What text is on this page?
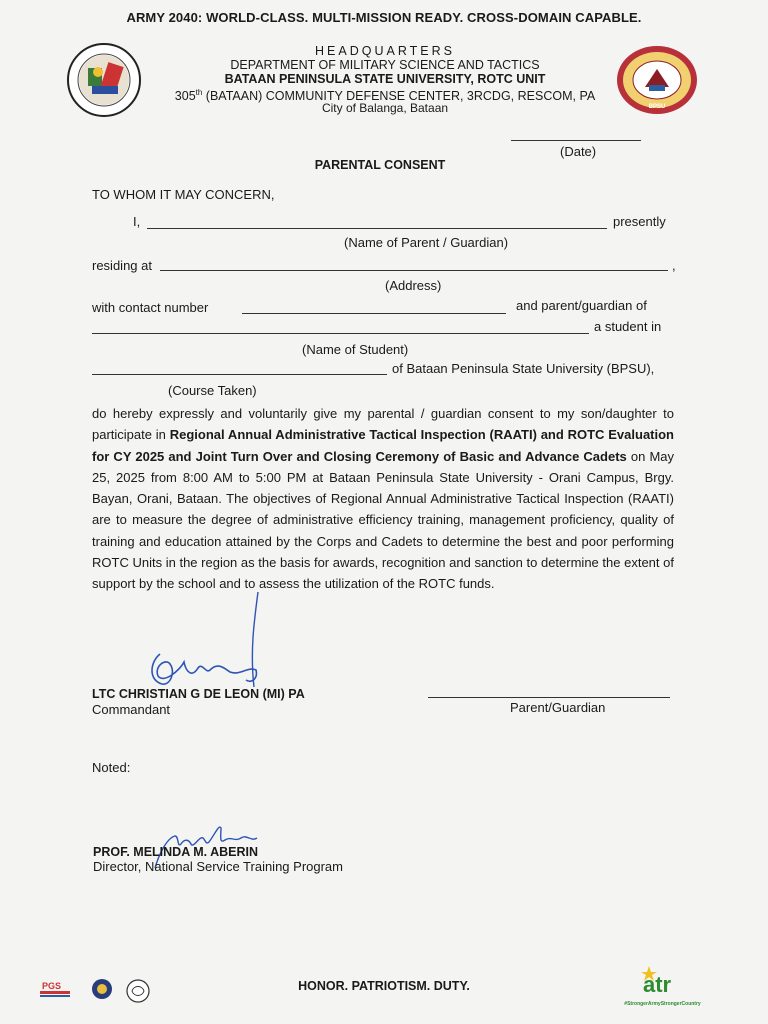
ARMY 2040: WORLD-CLASS. MULTI-MISSION READY. CROSS-DOMAIN CAPABLE.
HEADQUARTERS
DEPARTMENT OF MILITARY SCIENCE AND TACTICS
BATAAN PENINSULA STATE UNIVERSITY, ROTC UNIT
305th (BATAAN) COMMUNITY DEFENSE CENTER, 3RCDG, RESCOM, PA
City of Balanga, Bataan	BPSU
(Date)
PARENTAL CONSENT
TO WHOM IT MAY CONCERN,
I,	presently
(Name of Parent / Guardian)
residing at	,
(Address)
with contact number	and parent/guardian of
a student in
(Name of Student)
of Bataan Peninsula State University (BPSU),
(Course Taken)
do hereby expressly and voluntarily give my parental / guardian consent to my son/daughter to participate in Regional Annual Administrative Tactical Inspection (RAATI) and ROTC Evaluation for CY 2025 and Joint Turn Over and Closing Ceremony of Basic and Advance Cadets on May 25, 2025 from 8:00 AM to 5:00 PM at Bataan Peninsula State University - Orani Campus, Brgy. Bayan, Orani, Bataan. The objectives of Regional Annual Administrative Tactical Inspection (RAATI) are to measure the degree of administrative efficiency training, management proficiency, quality of training and education attained by the Corps and Cadets to determine the best and poor performing ROTC Units in the region as the basis for awards, recognition and sanction to determine the extent of support by the school and to assess the utilization of the ROTC funds.
LTC CHRISTIAN G DE LEON (MI) PA
Commandant	Parent/Guardian
Noted:
PROF. MELINDA M. ABERIN
Director, National Service Training Program
PGS	HONOR. PATRIOTISM. DUTY.	atr
#StrongerArmyStrongerCountry
